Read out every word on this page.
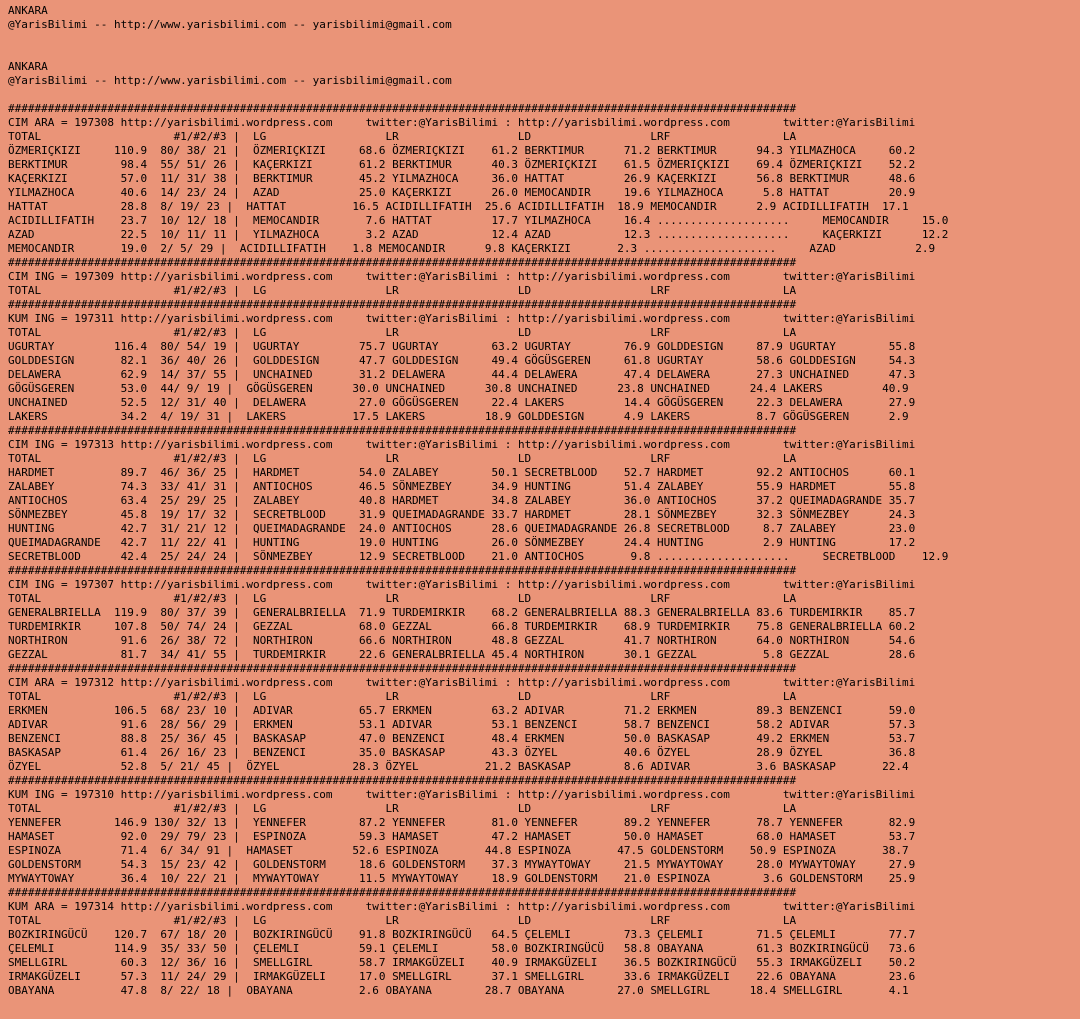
ANKARA
@YarisBilimi -- http://www.yarisbilimi.com -- yarisbilimi@gmail.com

ANKARA
@YarisBilimi -- http://www.yarisbilimi.com -- yarisbilimi@gmail.com

#######################################################################################################################
CIM ARA = 197308 http://yarisbilimi.wordpress.com     twitter:@YarisBilimi : http://yarisbilimi.wordpress.com        twitter:@YarisBilimi
TOTAL                    #1/#2/#3 |  LG                  LR                  LD                  LRF                 LA
ÖZMERIÇKIZI     110.9  80/ 38/ 21 |  ÖZMERIÇKIZI     68.6 ÖZMERIÇKIZI    61.2 BERKTIMUR      71.2 BERKTIMUR      94.3 YILMAZHOCA     60.2
BERKTIMUR        98.4  55/ 51/ 26 |  KAÇERKIZI       61.2 BERKTIMUR      40.3 ÖZMERIÇKIZI    61.5 ÖZMERIÇKIZI    69.4 ÖZMERIÇKIZI    52.2
KAÇERKIZI        57.0  11/ 31/ 38 |  BERKTIMUR       45.2 YILMAZHOCA     36.0 HATTAT         26.9 KAÇERKIZI      56.8 BERKTIMUR      48.6
YILMAZHOCA       40.6  14/ 23/ 24 |  AZAD            25.0 KAÇERKIZI      26.0 MEMOCANDIR     19.6 YILMAZHOCA      5.8 HATTAT         20.9
HATTAT           28.8  8/ 19/ 23 |  HATTAT          16.5 ACIDILLIFATIH  25.6 ACIDILLIFATIH  18.9 MEMOCANDIR      2.9 ACIDILLIFATIH  17.1
ACIDILLIFATIH    23.7  10/ 12/ 18 |  MEMOCANDIR       7.6 HATTAT         17.7 YILMAZHOCA     16.4 ....................     MEMOCANDIR     15.0
AZAD             22.5  10/ 11/ 11 |  YILMAZHOCA       3.2 AZAD           12.4 AZAD           12.3 ....................     KAÇERKIZI      12.2
MEMOCANDIR       19.0  2/ 5/ 29 |  ACIDILLIFATIH    1.8 MEMOCANDIR      9.8 KAÇERKIZI       2.3 ....................     AZAD            2.9
#######################################################################################################################
CIM ING = 197309 http://yarisbilimi.wordpress.com     twitter:@YarisBilimi : http://yarisbilimi.wordpress.com        twitter:@YarisBilimi
TOTAL                    #1/#2/#3 |  LG                  LR                  LD                  LRF                 LA
#######################################################################################################################
KUM ING = 197311 http://yarisbilimi.wordpress.com     twitter:@YarisBilimi : http://yarisbilimi.wordpress.com        twitter:@YarisBilimi
TOTAL                    #1/#2/#3 |  LG                  LR                  LD                  LRF                 LA
UGURTAY         116.4  80/ 54/ 19 |  UGURTAY         75.7 UGURTAY        63.2 UGURTAY        76.9 GOLDDESIGN     87.9 UGURTAY        55.8
GOLDDESIGN       82.1  36/ 40/ 26 |  GOLDDESIGN      47.7 GOLDDESIGN     49.4 GÖGÜSGEREN     61.8 UGURTAY        58.6 GOLDDESIGN     54.3
DELAWERA         62.9  14/ 37/ 55 |  UNCHAINED       31.2 DELAWERA       44.4 DELAWERA       47.4 DELAWERA       27.3 UNCHAINED      47.3
GÖGÜSGEREN       53.0  44/ 9/ 19 |  GÖGÜSGEREN      30.0 UNCHAINED      30.8 UNCHAINED      23.8 UNCHAINED      24.4 LAKERS         40.9
UNCHAINED        52.5  12/ 31/ 40 |  DELAWERA        27.0 GÖGÜSGEREN     22.4 LAKERS         14.4 GÖGÜSGEREN     22.3 DELAWERA       27.9
LAKERS           34.2  4/ 19/ 31 |  LAKERS          17.5 LAKERS         18.9 GOLDDESIGN      4.9 LAKERS          8.7 GÖGÜSGEREN      2.9
#######################################################################################################################
CIM ING = 197313 http://yarisbilimi.wordpress.com     twitter:@YarisBilimi : http://yarisbilimi.wordpress.com        twitter:@YarisBilimi
TOTAL                    #1/#2/#3 |  LG                  LR                  LD                  LRF                 LA
HARDMET          89.7  46/ 36/ 25 |  HARDMET         54.0 ZALABEY        50.1 SECRETBLOOD    52.7 HARDMET        92.2 ANTIOCHOS      60.1
ZALABEY          74.3  33/ 41/ 31 |  ANTIOCHOS       46.5 SÖNMEZBEY      34.9 HUNTING        51.4 ZALABEY        55.9 HARDMET        55.8
ANTIOCHOS        63.4  25/ 29/ 25 |  ZALABEY         40.8 HARDMET        34.8 ZALABEY        36.0 ANTIOCHOS      37.2 QUEIMADAGRANDE 35.7
SÖNMEZBEY        45.8  19/ 17/ 32 |  SECRETBLOOD     31.9 QUEIMADAGRANDE 33.7 HARDMET        28.1 SÖNMEZBEY      32.3 SÖNMEZBEY      24.3
HUNTING          42.7  31/ 21/ 12 |  QUEIMADAGRANDE  24.0 ANTIOCHOS      28.6 QUEIMADAGRANDE 26.8 SECRETBLOOD     8.7 ZALABEY        23.0
QUEIMADAGRANDE   42.7  11/ 22/ 41 |  HUNTING         19.0 HUNTING        26.0 SÖNMEZBEY      24.4 HUNTING         2.9 HUNTING        17.2
SECRETBLOOD      42.4  25/ 24/ 24 |  SÖNMEZBEY       12.9 SECRETBLOOD    21.0 ANTIOCHOS       9.8 ....................     SECRETBLOOD    12.9
#######################################################################################################################
CIM ING = 197307 http://yarisbilimi.wordpress.com     twitter:@YarisBilimi : http://yarisbilimi.wordpress.com        twitter:@YarisBilimi
TOTAL                    #1/#2/#3 |  LG                  LR                  LD                  LRF                 LA
GENERALBRIELLA  119.9  80/ 37/ 39 |  GENERALBRIELLA  71.9 TURDEMIRKIR    68.2 GENERALBRIELLA 88.3 GENERALBRIELLA 83.6 TURDEMIRKIR    85.7
TURDEMIRKIR     107.8  50/ 74/ 24 |  GEZZAL          68.0 GEZZAL         66.8 TURDEMIRKIR    68.9 TURDEMIRKIR    75.8 GENERALBRIELLA 60.2
NORTHIRON        91.6  26/ 38/ 72 |  NORTHIRON       66.6 NORTHIRON      48.8 GEZZAL         41.7 NORTHIRON      64.0 NORTHIRON      54.6
GEZZAL           81.7  34/ 41/ 55 |  TURDEMIRKIR     22.6 GENERALBRIELLA 45.4 NORTHIRON      30.1 GEZZAL          5.8 GEZZAL         28.6
#######################################################################################################################
CIM ARA = 197312 http://yarisbilimi.wordpress.com     twitter:@YarisBilimi : http://yarisbilimi.wordpress.com        twitter:@YarisBilimi
TOTAL                    #1/#2/#3 |  LG                  LR                  LD                  LRF                 LA
ERKMEN          106.5  68/ 23/ 10 |  ADIVAR          65.7 ERKMEN         63.2 ADIVAR         71.2 ERKMEN         89.3 BENZENCI       59.0
ADIVAR           91.6  28/ 56/ 29 |  ERKMEN          53.1 ADIVAR         53.1 BENZENCI       58.7 BENZENCI       58.2 ADIVAR         57.3
BENZENCI         88.8  25/ 36/ 45 |  BASKASAP        47.0 BENZENCI       48.4 ERKMEN         50.0 BASKASAP       49.2 ERKMEN         53.7
BASKASAP         61.4  26/ 16/ 23 |  BENZENCI        35.0 BASKASAP       43.3 ÖZYEL          40.6 ÖZYEL          28.9 ÖZYEL          36.8
ÖZYEL            52.8  5/ 21/ 45 |  ÖZYEL           28.3 ÖZYEL          21.2 BASKASAP        8.6 ADIVAR          3.6 BASKASAP       22.4
#######################################################################################################################
KUM ING = 197310 http://yarisbilimi.wordpress.com     twitter:@YarisBilimi : http://yarisbilimi.wordpress.com        twitter:@YarisBilimi
TOTAL                    #1/#2/#3 |  LG                  LR                  LD                  LRF                 LA
YENNEFER        146.9 130/ 32/ 13 |  YENNEFER        87.2 YENNEFER       81.0 YENNEFER       89.2 YENNEFER       78.7 YENNEFER       82.9
HAMASET          92.0  29/ 79/ 23 |  ESPINOZA        59.3 HAMASET        47.2 HAMASET        50.0 HAMASET        68.0 HAMASET        53.7
ESPINOZA         71.4  6/ 34/ 91 |  HAMASET         52.6 ESPINOZA       44.8 ESPINOZA       47.5 GOLDENSTORM    50.9 ESPINOZA       38.7
GOLDENSTORM      54.3  15/ 23/ 42 |  GOLDENSTORM     18.6 GOLDENSTORM    37.3 MYWAYTOWAY     21.5 MYWAYTOWAY     28.0 MYWAYTOWAY     27.9
MYWAYTOWAY       36.4  10/ 22/ 21 |  MYWAYTOWAY      11.5 MYWAYTOWAY     18.9 GOLDENSTORM    21.0 ESPINOZA        3.6 GOLDENSTORM    25.9
#######################################################################################################################
KUM ARA = 197314 http://yarisbilimi.wordpress.com     twitter:@YarisBilimi : http://yarisbilimi.wordpress.com        twitter:@YarisBilimi
TOTAL                    #1/#2/#3 |  LG                  LR                  LD                  LRF                 LA
BOZKIRINGÜCÜ    120.7  67/ 18/ 20 |  BOZKIRINGÜCÜ    91.8 BOZKIRINGÜCÜ   64.5 ÇELEMLI        73.3 ÇELEMLI        71.5 ÇELEMLI        77.7
ÇELEMLI         114.9  35/ 33/ 50 |  ÇELEMLI         59.1 ÇELEMLI        58.0 BOZKIRINGÜCÜ   58.8 OBAYANA        61.3 BOZKIRINGÜCÜ   73.6
SMELLGIRL        60.3  12/ 36/ 16 |  SMELLGIRL       58.7 IRMAKGÜZELI    40.9 IRMAKGÜZELI    36.5 BOZKIRINGÜCÜ   55.3 IRMAKGÜZELI    50.2
IRMAKGÜZELI      57.3  11/ 24/ 29 |  IRMAKGÜZELI     17.0 SMELLGIRL      37.1 SMELLGIRL      33.6 IRMAKGÜZELI    22.6 OBAYANA        23.6
OBAYANA          47.8  8/ 22/ 18 |  OBAYANA          2.6 OBAYANA        28.7 OBAYANA        27.0 SMELLGIRL      18.4 SMELLGIRL       4.1
